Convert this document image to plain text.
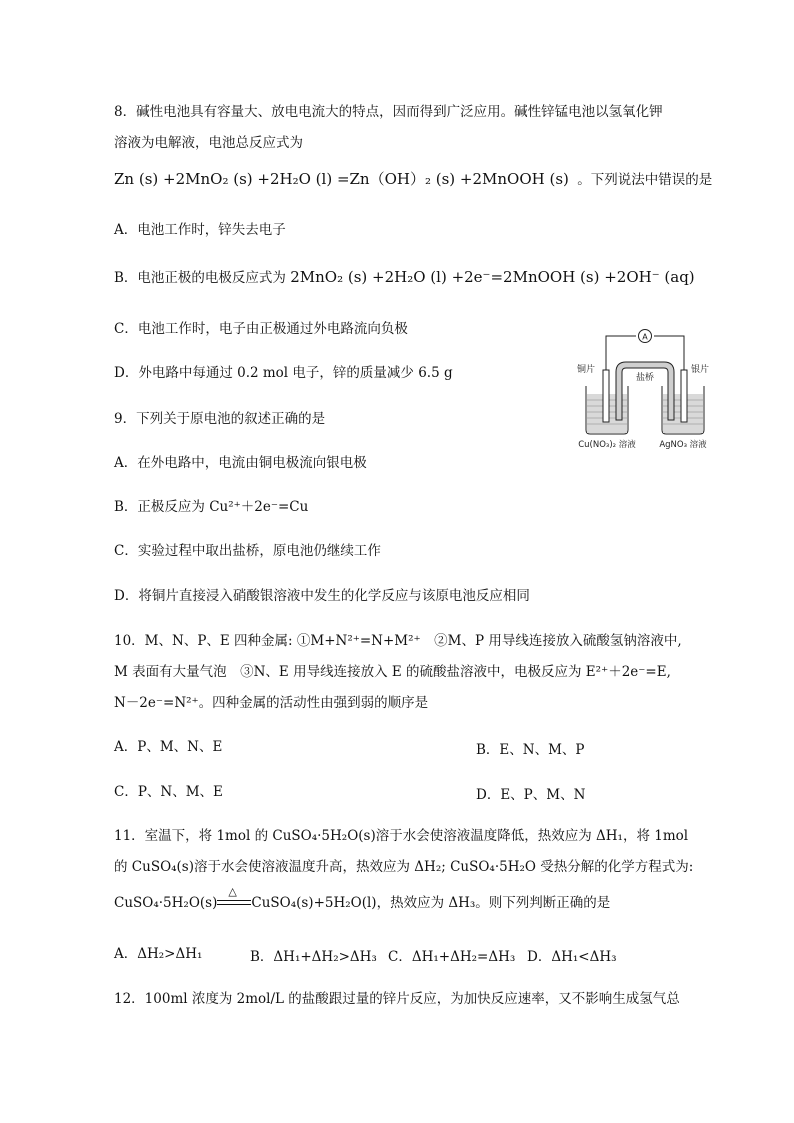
8．碱性电池具有容量大、放电电流大的特点，因而得到广泛应用。碱性锌锰电池以氢氧化钾
溶液为电解液，电池总反应式为
Zn (s) +2MnO₂ (s) +2H₂O (l) =Zn（OH）₂ (s) +2MnOOH (s) 。下列说法中错误的是
A．电池工作时，锌失去电子
B．电池正极的电极反应式为 2MnO₂ (s) +2H₂O (l) +2e⁻=2MnOOH (s) +2OH⁻ (aq)
C．电池工作时，电子由正极通过外电路流向负极
D．外电路中每通过 0.2 mol 电子，锌的质量减少 6.5 g
A
铜片	银片
盐桥
Cu(NO₃)₂ 溶液	AgNO₃ 溶液
9．下列关于原电池的叙述正确的是
A．在外电路中，电流由铜电极流向银电极
B．正极反应为 Cu²⁺＋2e⁻=Cu
C．实验过程中取出盐桥，原电池仍继续工作
D．将铜片直接浸入硝酸银溶液中发生的化学反应与该原电池反应相同
10．M、N、P、E 四种金属: ①M+N²⁺=N+M²⁺　②M、P 用导线连接放入硫酸氢钠溶液中,
M 表面有大量气泡　③N、E 用导线连接放入 E 的硫酸盐溶液中，电极反应为 E²⁺＋2e⁻=E,
N－2e⁻=N²⁺。四种金属的活动性由强到弱的顺序是
A．P、M、N、E	B．E、N、M、P
C．P、N、M、E	D．E、P、M、N
11．室温下，将 1mol 的 CuSO₄·5H₂O(s)溶于水会使溶液温度降低，热效应为 ΔH₁，将 1mol
的 CuSO₄(s)溶于水会使溶液温度升高，热效应为 ΔH₂; CuSO₄·5H₂O 受热分解的化学方程式为:
CuSO₄·5H₂O(s)
△
CuSO₄(s)+5H₂O(l)，热效应为 ΔH₃。则下列判断正确的是
A．ΔH₂>ΔH₁	B．ΔH₁+ΔH₂>ΔH₃ C．ΔH₁+ΔH₂=ΔH₃ D．ΔH₁<ΔH₃
12．100ml 浓度为 2mol/L 的盐酸跟过量的锌片反应，为加快反应速率，又不影响生成氢气总
